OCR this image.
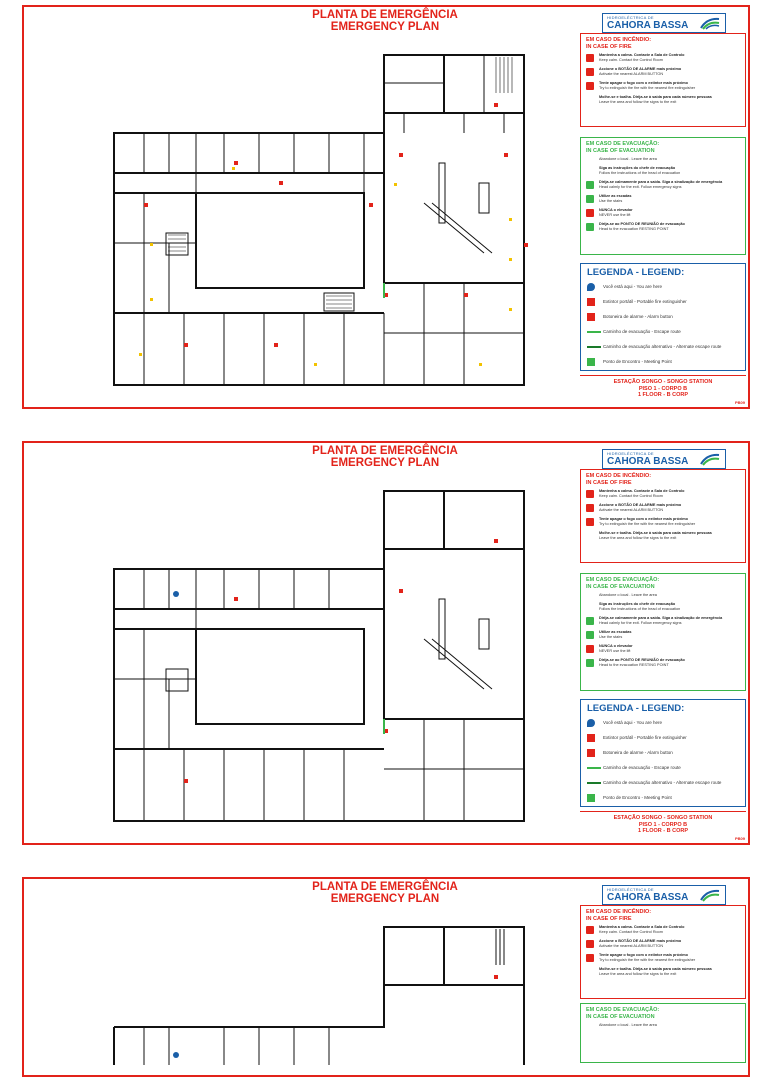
PLANTA DE EMERGÊNCIA
EMERGENCY PLAN
HIDROELÉCTRICA DE
CAHORA BASSA
EM CASO DE INCÊNDIO:
IN CASE OF FIRE
Mantenha a calma. Contacte a Sala de Controlo
Keep calm. Contact the Control Room
Accione o BOTÃO DE ALARME mais próximo
Activate the nearest ALARM BUTTON
Tente apagar o fogo com o extintor mais próximo
Try to extinguish the fire with the nearest fire extinguisher
Molhe-se e toalha. Dirija-se à saída para cada número pessoas
Leave the area and follow the signs to the exit
EM CASO DE EVACUAÇÃO:
IN CASE OF EVACUATION
Abandone o local . Leave the area
Siga as instruções do chefe de evacuação
Follow the instructions of the head of evacuation
Dirija-se calmamente para a saída. Siga a sinalização de emergência
Head calmly for the exit. Follow emergency signs
Utilize as escadas
Use the stairs
NUNCA o elevador
NEVER use the lift
Dirija-se ao PONTO DE REUNIÃO de evacuação
Head to the evacuation RESTING POINT
LEGENDA - LEGEND:
Você está aqui - You are here
Extintor portátil - Portable fire extinguisher
Botoneira de alarme - Alarm button
Caminho de evacuação - Escape route
Caminho de evacuação alternativo - Alternate escape route
Ponto de Encontro - Meeting Point
ESTAÇÃO SONGO - SONGO STATION
PISO 1 - CORPO B
1 FLOOR - B CORP
PB09
PLANTA DE EMERGÊNCIA
EMERGENCY PLAN
HIDROELÉCTRICA DE
CAHORA BASSA
EM CASO DE INCÊNDIO:
IN CASE OF FIRE
Mantenha a calma. Contacte a Sala de Controlo
Keep calm. Contact the Control Room
Accione o BOTÃO DE ALARME mais próximo
Activate the nearest ALARM BUTTON
Tente apagar o fogo com o extintor mais próximo
Try to extinguish the fire with the nearest fire extinguisher
Molhe-se e toalha. Dirija-se à saída para cada número pessoas
Leave the area and follow the signs to the exit
EM CASO DE EVACUAÇÃO:
IN CASE OF EVACUATION
Abandone o local . Leave the area
Siga as instruções do chefe de evacuação
Follow the instructions of the head of evacuation
Dirija-se calmamente para a saída. Siga a sinalização de emergência
Head calmly for the exit. Follow emergency signs
Utilize as escadas
Use the stairs
NUNCA o elevador
NEVER use the lift
Dirija-se ao PONTO DE REUNIÃO de evacuação
Head to the evacuation RESTING POINT
LEGENDA - LEGEND:
Você está aqui - You are here
Extintor portátil - Portable fire extinguisher
Botoneira de alarme - Alarm button
Caminho de evacuação - Escape route
Caminho de evacuação alternativo - Alternate escape route
Ponto de Encontro - Meeting Point
ESTAÇÃO SONGO - SONGO STATION
PISO 1 - CORPO B
1 FLOOR - B CORP
PB09
PLANTA DE EMERGÊNCIA
EMERGENCY PLAN
HIDROELÉCTRICA DE
CAHORA BASSA
EM CASO DE INCÊNDIO:
IN CASE OF FIRE
Mantenha a calma. Contacte a Sala de Controlo
Keep calm. Contact the Control Room
Accione o BOTÃO DE ALARME mais próximo
Activate the nearest ALARM BUTTON
Tente apagar o fogo com o extintor mais próximo
Try to extinguish the fire with the nearest fire extinguisher
Molhe-se e toalha. Dirija-se à saída para cada número pessoas
Leave the area and follow the signs to the exit
EM CASO DE EVACUAÇÃO:
IN CASE OF EVACUATION
Abandone o local . Leave the area
